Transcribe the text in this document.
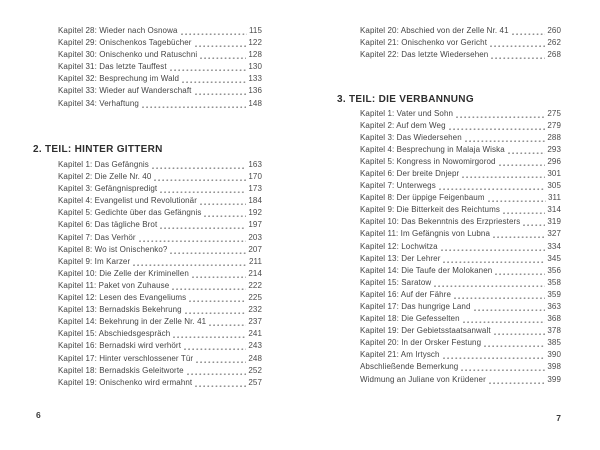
Kapitel 28: Wieder nach Osnowa	115
Kapitel 29: Onischenkos Tagebücher	122
Kapitel 30: Onischenko und Ratuschni	128
Kapitel 31: Das letzte Tauffest	130
Kapitel 32: Besprechung im Wald	133
Kapitel 33: Wieder auf Wanderschaft	136
Kapitel 34: Verhaftung	148
2. TEIL: HINTER GITTERN
Kapitel 1: Das Gefängnis	163
Kapitel 2: Die Zelle Nr. 40	170
Kapitel 3: Gefängnispredigt	173
Kapitel 4: Evangelist und Revolutionär	184
Kapitel 5: Gedichte über das Gefängnis	192
Kapitel 6: Das tägliche Brot	197
Kapitel 7: Das Verhör	203
Kapitel 8: Wo ist Onischenko?	207
Kapitel 9: Im Karzer	211
Kapitel 10: Die Zelle der Kriminellen	214
Kapitel 11: Paket von Zuhause	222
Kapitel 12: Lesen des Evangeliums	225
Kapitel 13: Bernadskis Bekehrung	232
Kapitel 14: Bekehrung in der Zelle Nr. 41	237
Kapitel 15: Abschiedsgespräch	241
Kapitel 16: Bernadski wird verhört	243
Kapitel 17: Hinter verschlossener Tür	248
Kapitel 18: Bernadskis Geleitworte	252
Kapitel 19: Onischenko wird ermahnt	257
6
Kapitel 20: Abschied von der Zelle Nr. 41	260
Kapitel 21: Onischenko vor Gericht	262
Kapitel 22: Das letzte Wiedersehen	268
3. TEIL: DIE VERBANNUNG
Kapitel 1: Vater und Sohn	275
Kapitel 2: Auf dem Weg	279
Kapitel 3: Das Wiedersehen	288
Kapitel 4: Besprechung in Malaja Wiska	293
Kapitel 5: Kongress in Nowomirgorod	296
Kapitel 6: Der breite Dnjepr	301
Kapitel 7: Unterwegs	305
Kapitel 8: Der üppige Feigenbaum	311
Kapitel 9: Die Bitterkeit des Reichtums	314
Kapitel 10: Das Bekenntnis des Erzpriesters	319
Kapitel 11: Im Gefängnis von Lubna	327
Kapitel 12: Lochwitza	334
Kapitel 13: Der Lehrer	345
Kapitel 14: Die Taufe der Molokanen	356
Kapitel 15: Saratow	358
Kapitel 16: Auf der Fähre	359
Kapitel 17: Das hungrige Land	363
Kapitel 18: Die Gefesselten	368
Kapitel 19: Der Gebietsstaatsanwalt	378
Kapitel 20: In der Orsker Festung	385
Kapitel 21: Am Irtysch	390
Abschließende Bemerkung	398
Widmung an Juliane von Krüdener	399
7
